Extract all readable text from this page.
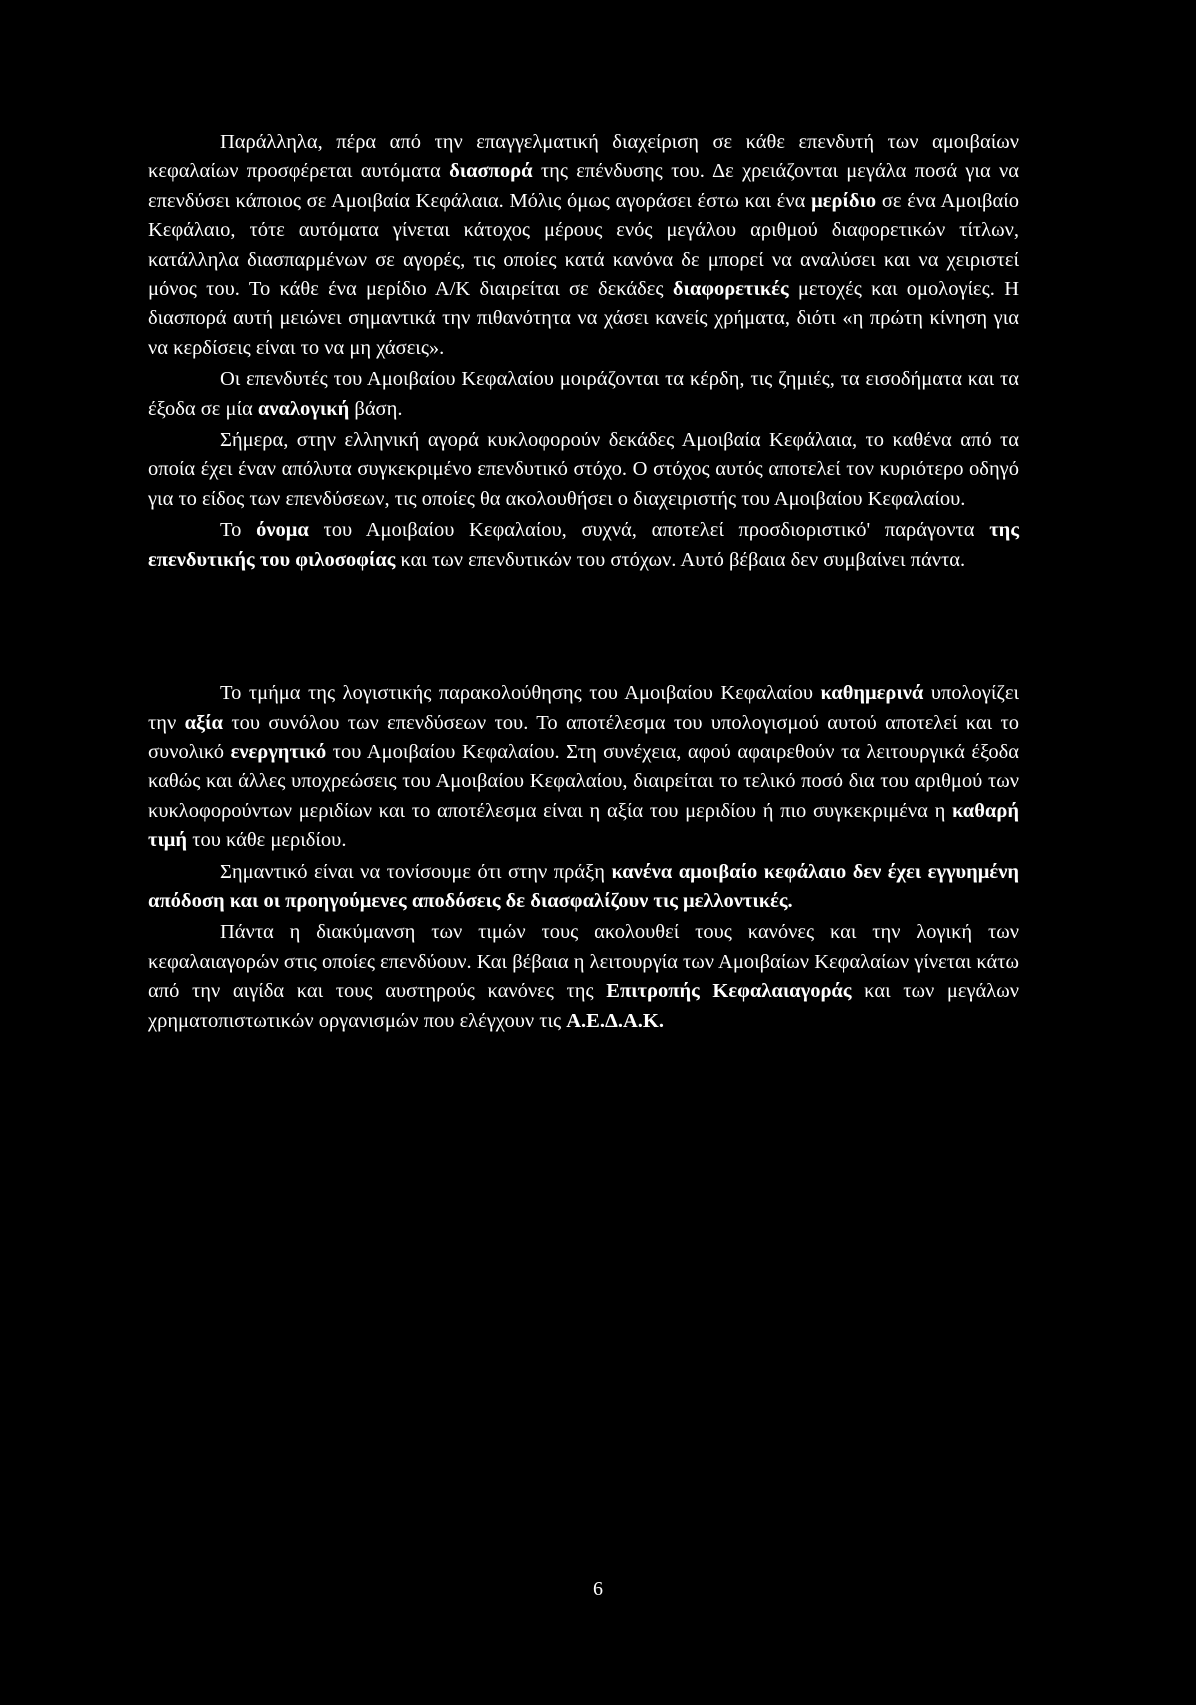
Παράλληλα, πέρα από την επαγγελματική διαχείριση σε κάθε επενδυτή των αμοιβαίων κεφαλαίων προσφέρεται αυτόματα διασπορά της επένδυσης του. Δε χρειάζονται μεγάλα ποσά για να επενδύσει κάποιος σε Αμοιβαία Κεφάλαια. Μόλις όμως αγοράσει έστω και ένα μερίδιο σε ένα Αμοιβαίο Κεφάλαιο, τότε αυτόματα γίνεται κάτοχος μέρους ενός μεγάλου αριθμού διαφορετικών τίτλων, κατάλληλα διασπαρμένων σε αγορές, τις οποίες κατά κανόνα δε μπορεί να αναλύσει και να χειριστεί μόνος του. Το κάθε ένα μερίδιο Α/Κ διαιρείται σε δεκάδες διαφορετικές μετοχές και ομολογίες. Η διασπορά αυτή μειώνει σημαντικά την πιθανότητα να χάσει κανείς χρήματα, διότι «η πρώτη κίνηση για να κερδίσεις είναι το να μη χάσεις».

Οι επενδυτές του Αμοιβαίου Κεφαλαίου μοιράζονται τα κέρδη, τις ζημιές, τα εισοδήματα και τα έξοδα σε μία αναλογική βάση.

Σήμερα, στην ελληνική αγορά κυκλοφορούν δεκάδες Αμοιβαία Κεφάλαια, το καθένα από τα οποία έχει έναν απόλυτα συγκεκριμένο επενδυτικό στόχο. Ο στόχος αυτός αποτελεί τον κυριότερο οδηγό για το είδος των επενδύσεων, τις οποίες θα ακολουθήσει ο διαχειριστής του Αμοιβαίου Κεφαλαίου.

Το όνομα του Αμοιβαίου Κεφαλαίου, συχνά, αποτελεί προσδιοριστικό' παράγοντα της επενδυτικής του φιλοσοφίας και των επενδυτικών του στόχων. Αυτό βέβαια δεν συμβαίνει πάντα.

Το τμήμα της λογιστικής παρακολούθησης του Αμοιβαίου Κεφαλαίου καθημερινά υπολογίζει την αξία του συνόλου των επενδύσεων του. Το αποτέλεσμα του υπολογισμού αυτού αποτελεί και το συνολικό ενεργητικό του Αμοιβαίου Κεφαλαίου. Στη συνέχεια, αφού αφαιρεθούν τα λειτουργικά έξοδα καθώς και άλλες υποχρεώσεις του Αμοιβαίου Κεφαλαίου, διαιρείται το τελικό ποσό δια του αριθμού των κυκλοφορούντων μεριδίων και το αποτέλεσμα είναι η αξία του μεριδίου ή πιο συγκεκριμένα η καθαρή τιμή του κάθε μεριδίου.

Σημαντικό είναι να τονίσουμε ότι στην πράξη κανένα αμοιβαίο κεφάλαιο δεν έχει εγγυημένη απόδοση και οι προηγούμενες αποδόσεις δε διασφαλίζουν τις μελλοντικές.

Πάντα η διακύμανση των τιμών τους ακολουθεί τους κανόνες και την λογική των κεφαλαιαγορών στις οποίες επενδύουν. Και βέβαια η λειτουργία των Αμοιβαίων Κεφαλαίων γίνεται κάτω από την αιγίδα και τους αυστηρούς κανόνες της Επιτροπής Κεφαλαιαγοράς και των μεγάλων χρηματοπιστωτικών οργανισμών που ελέγχουν τις Α.Ε.Δ.Α.Κ.

6
